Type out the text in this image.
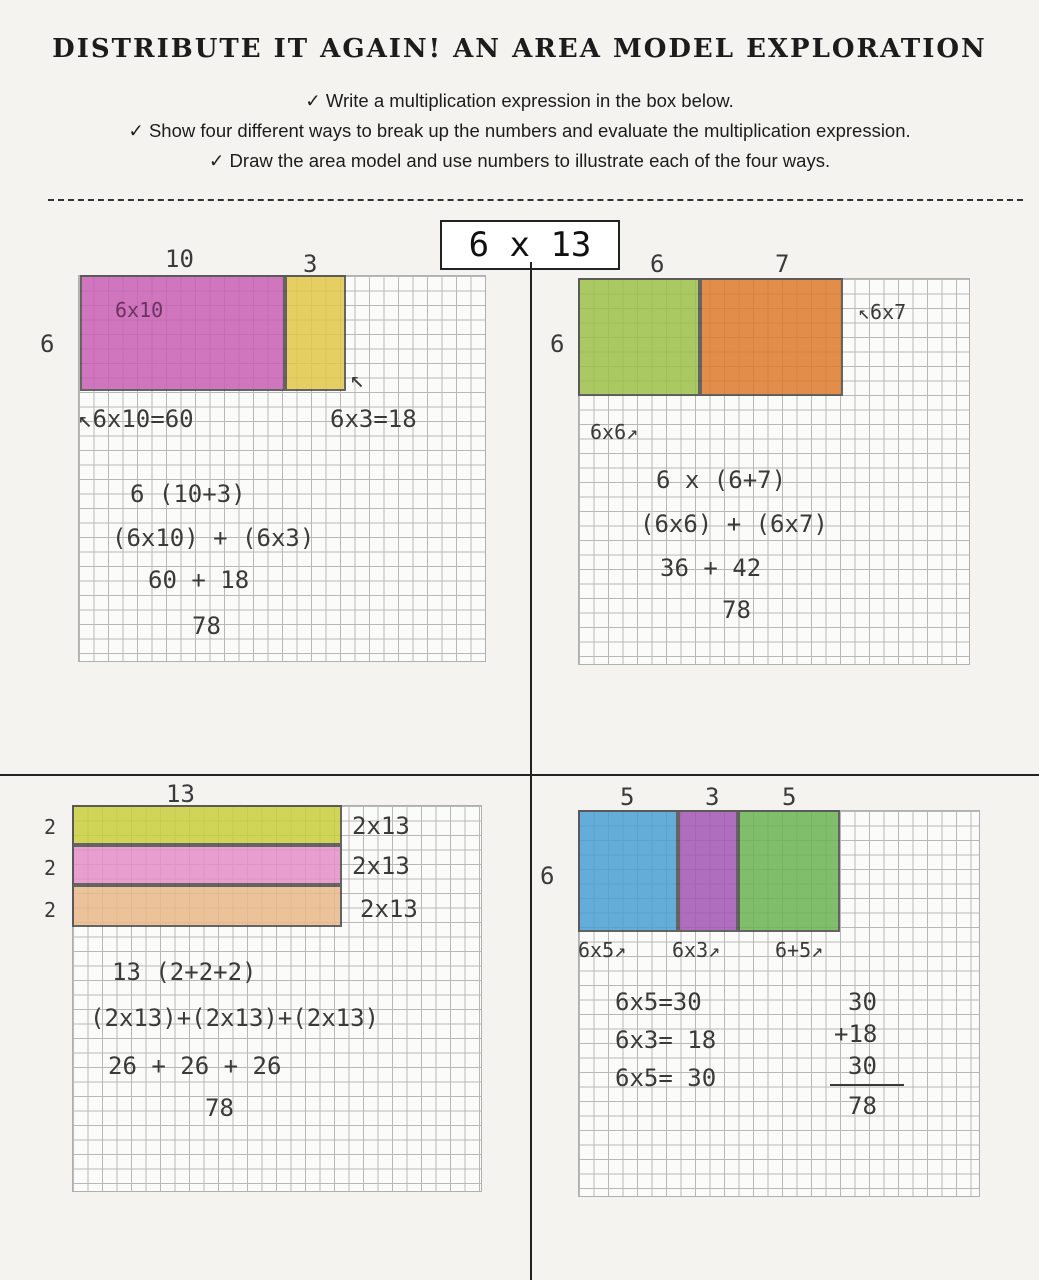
DISTRIBUTE IT AGAIN! AN AREA MODEL EXPLORATION
✓ Write a multiplication expression in the box below.
✓ Show four different ways to break up the numbers and evaluate the multiplication expression.
✓ Draw the area model and use numbers to illustrate each of the four ways.
6 x 13
10	3
6
6x10
↖
↖6x10=60	6x3=18
6 (10+3)
(6x10) + (6x3)
60 + 18
78
6	7
6
↖6x7
6x6↗
6 x (6+7)
(6x6) + (6x7)
36 + 42
78
13
2
2
2
2x13
2x13
2x13
13 (2+2+2)
(2x13)+(2x13)+(2x13)
26 + 26 + 26
78
5	3	5
6
6x5↗ 6x3↗	6+5↗
6x5=30
6x3= 18
6x5= 30
30
+18
30
78
